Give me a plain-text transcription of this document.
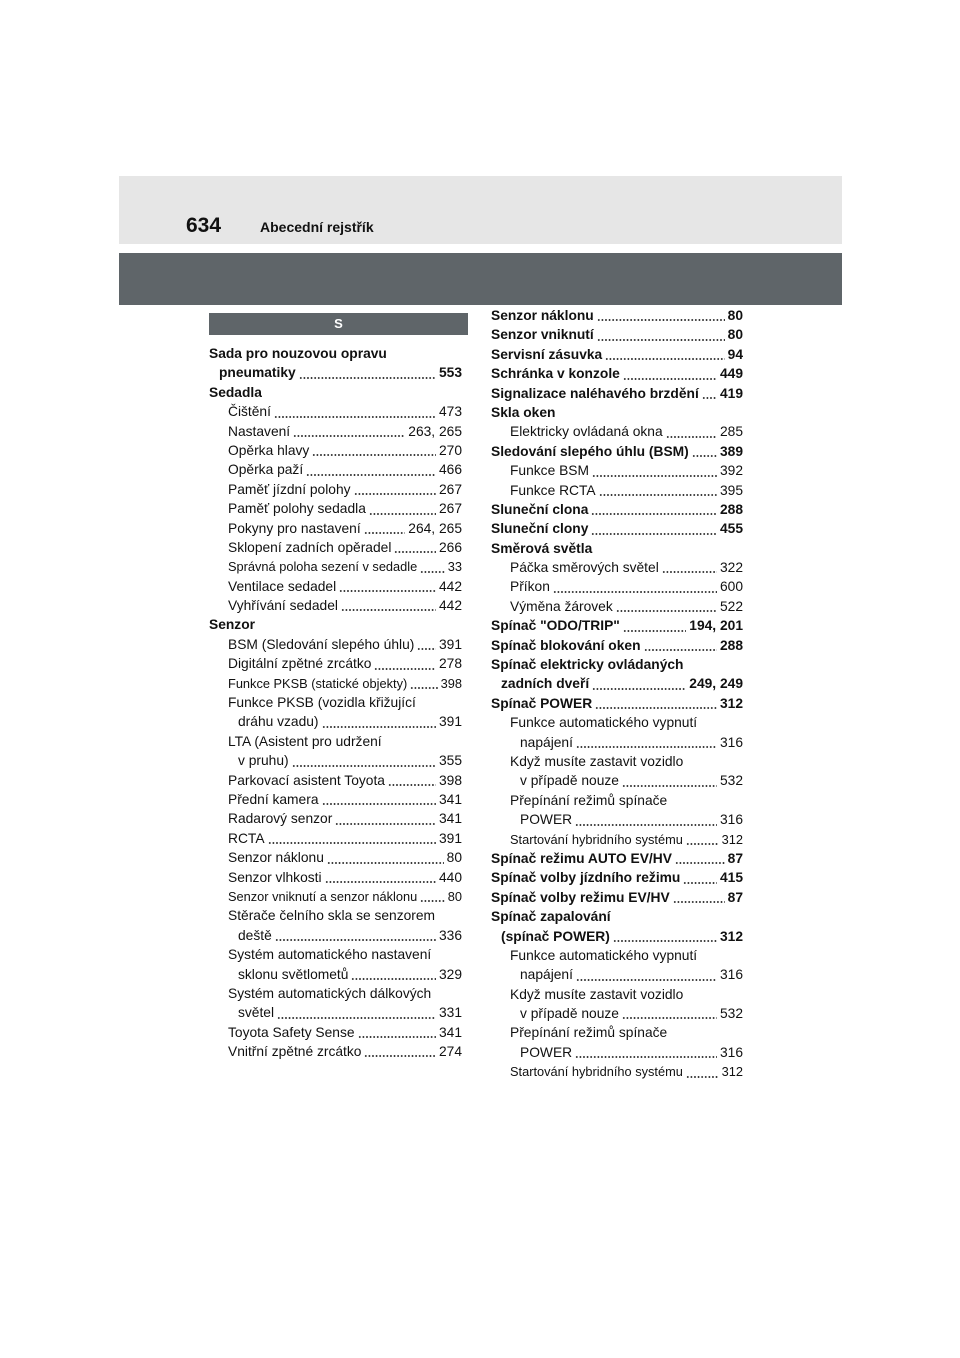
634	Abecední rejstřík
S
Sada pro nouzovou opravu
pneumatiky	553
Sedadla
Čištění	473
Nastavení	263, 265
Opěrka hlavy	270
Opěrka paží	466
Paměť jízdní polohy	267
Paměť polohy sedadla	267
Pokyny pro nastavení	264, 265
Sklopení zadních opěradel	266
Správná poloha sezení v sedadle 33
Ventilace sedadel	442
Vyhřívání sedadel	442
Senzor
BSM (Sledování slepého úhlu) 391
Digitální zpětné zrcátko	278
Funkce PKSB (statické objekty)	398
Funkce PKSB (vozidla křižující
dráhu vzadu)	391
LTA (Asistent pro udržení
v pruhu)	355
Parkovací asistent Toyota	398
Přední kamera	341
Radarový senzor	341
RCTA	391
Senzor náklonu	80
Senzor vlhkosti	440
Senzor vniknutí a senzor náklonu 80
Stěrače čelního skla se senzorem
deště	336
Systém automatického nastavení
sklonu světlometů	329
Systém automatických dálkových
světel	331
Toyota Safety Sense	341
Vnitřní zpětné zrcátko	274
Senzor náklonu	80
Senzor vniknutí	80
Servisní zásuvka	94
Schránka v konzole	449
Signalizace naléhavého brzdění 419
Skla oken
Elektricky ovládaná okna	285
Sledování slepého úhlu (BSM) 389
Funkce BSM	392
Funkce RCTA	395
Sluneční clona	288
Sluneční clony	455
Směrová světla
Páčka směrových světel	322
Příkon	600
Výměna žárovek	522
Spínač "ODO/TRIP"	194, 201
Spínač blokování oken	288
Spínač elektricky ovládaných
zadních dveří	249, 249
Spínač POWER	312
Funkce automatického vypnutí
napájení	316
Když musíte zastavit vozidlo
v případě nouze	532
Přepínání režimů spínače
POWER	316
Startování hybridního systému	312
Spínač režimu AUTO EV/HV	87
Spínač volby jízdního režimu	415
Spínač volby režimu EV/HV	87
Spínač zapalování
(spínač POWER)	312
Funkce automatického vypnutí
napájení	316
Když musíte zastavit vozidlo
v případě nouze	532
Přepínání režimů spínače
POWER	316
Startování hybridního systému	312
